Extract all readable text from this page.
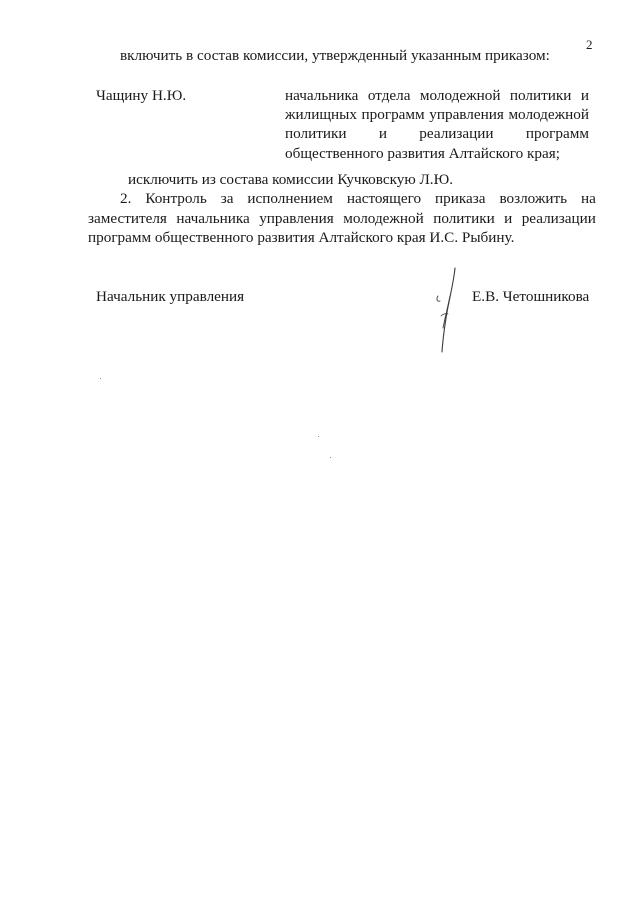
2
включить в состав комиссии, утвержденный указанным приказом:
Чащину Н.Ю.	начальника отдела молодежной политики и
жилищных программ управления молодежной
политики и реализации программ
общественного развития Алтайского края;
исключить из состава комиссии Кучковскую Л.Ю.
2. Контроль за исполнением настоящего приказа возложить на
заместителя начальника управления молодежной политики и реализации
программ общественного развития Алтайского края И.С. Рыбину.
Начальник управления	Е.В. Четошникова
